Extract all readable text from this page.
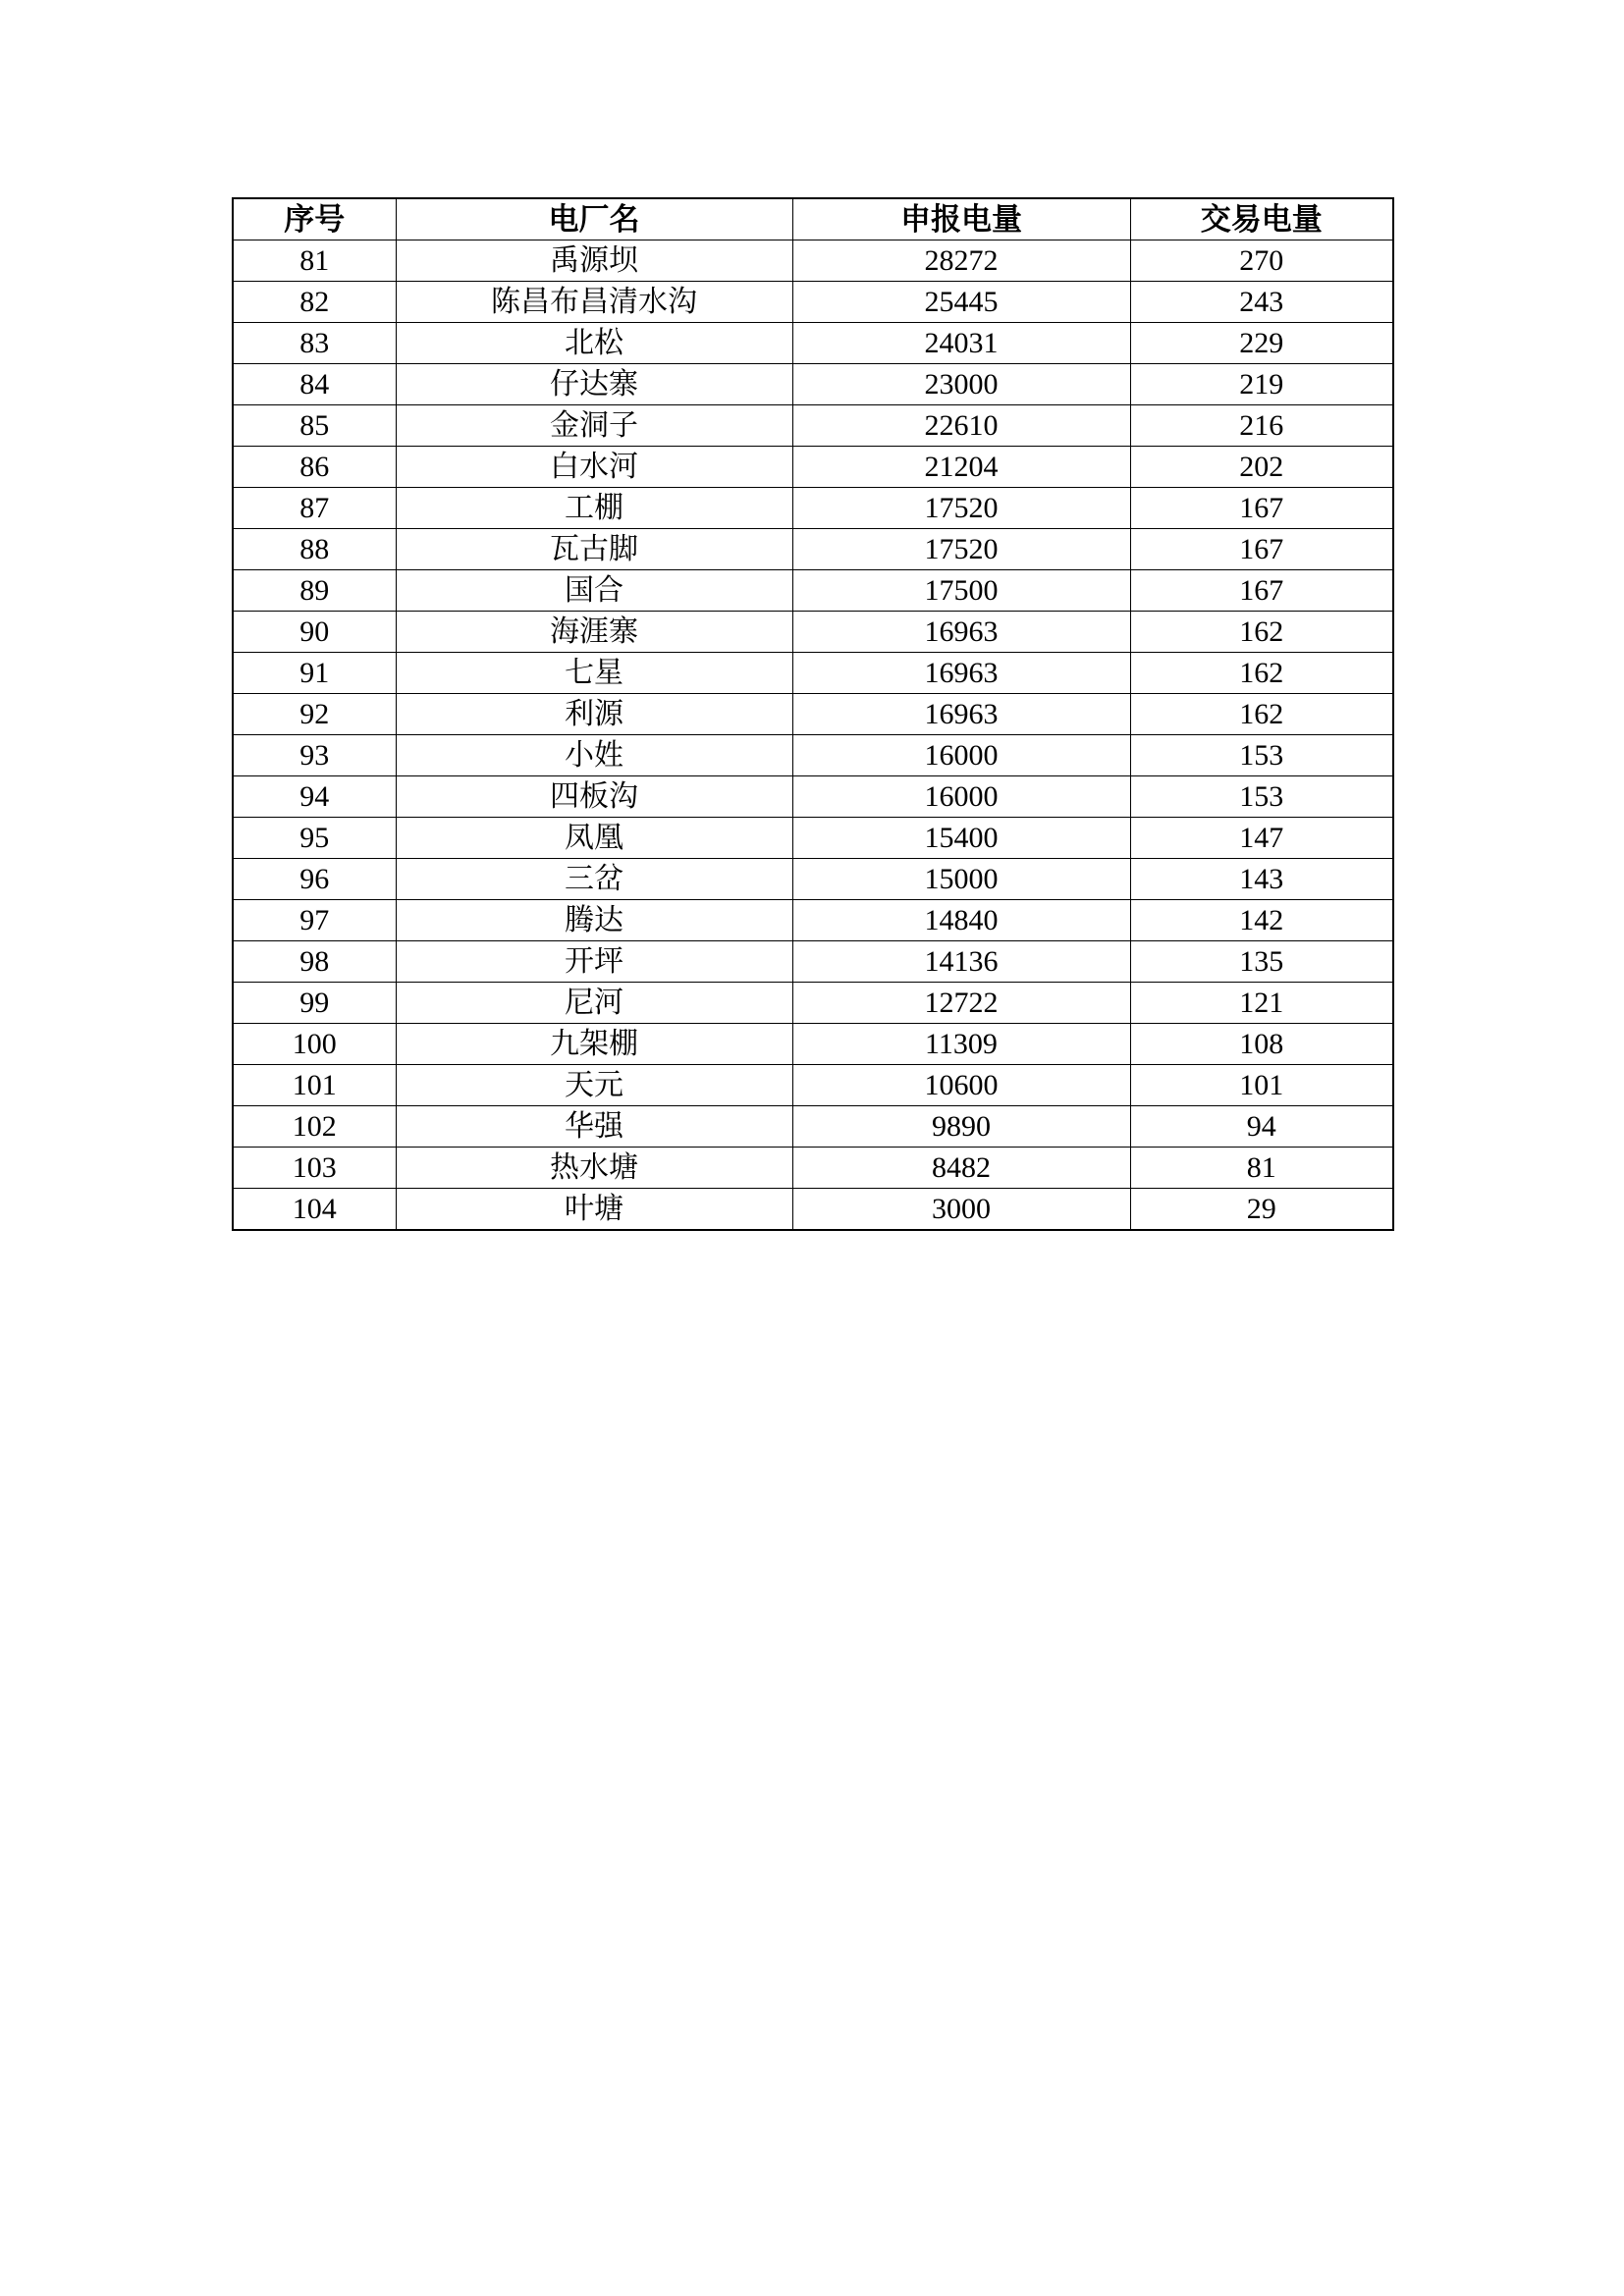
序号	电厂名	申报电量	交易电量
81	禹源坝	28272	270
82	陈昌布昌清水沟	25445	243
83	北松	24031	229
84	仔达寨	23000	219
85	金洞子	22610	216
86	白水河	21204	202
87	工棚	17520	167
88	瓦古脚	17520	167
89	国合	17500	167
90	海涯寨	16963	162
91	七星	16963	162
92	利源	16963	162
93	小姓	16000	153
94	四板沟	16000	153
95	凤凰	15400	147
96	三岔	15000	143
97	腾达	14840	142
98	开坪	14136	135
99	尼河	12722	121
100	九架棚	11309	108
101	天元	10600	101
102	华强	9890	94
103	热水塘	8482	81
104	叶塘	3000	29
